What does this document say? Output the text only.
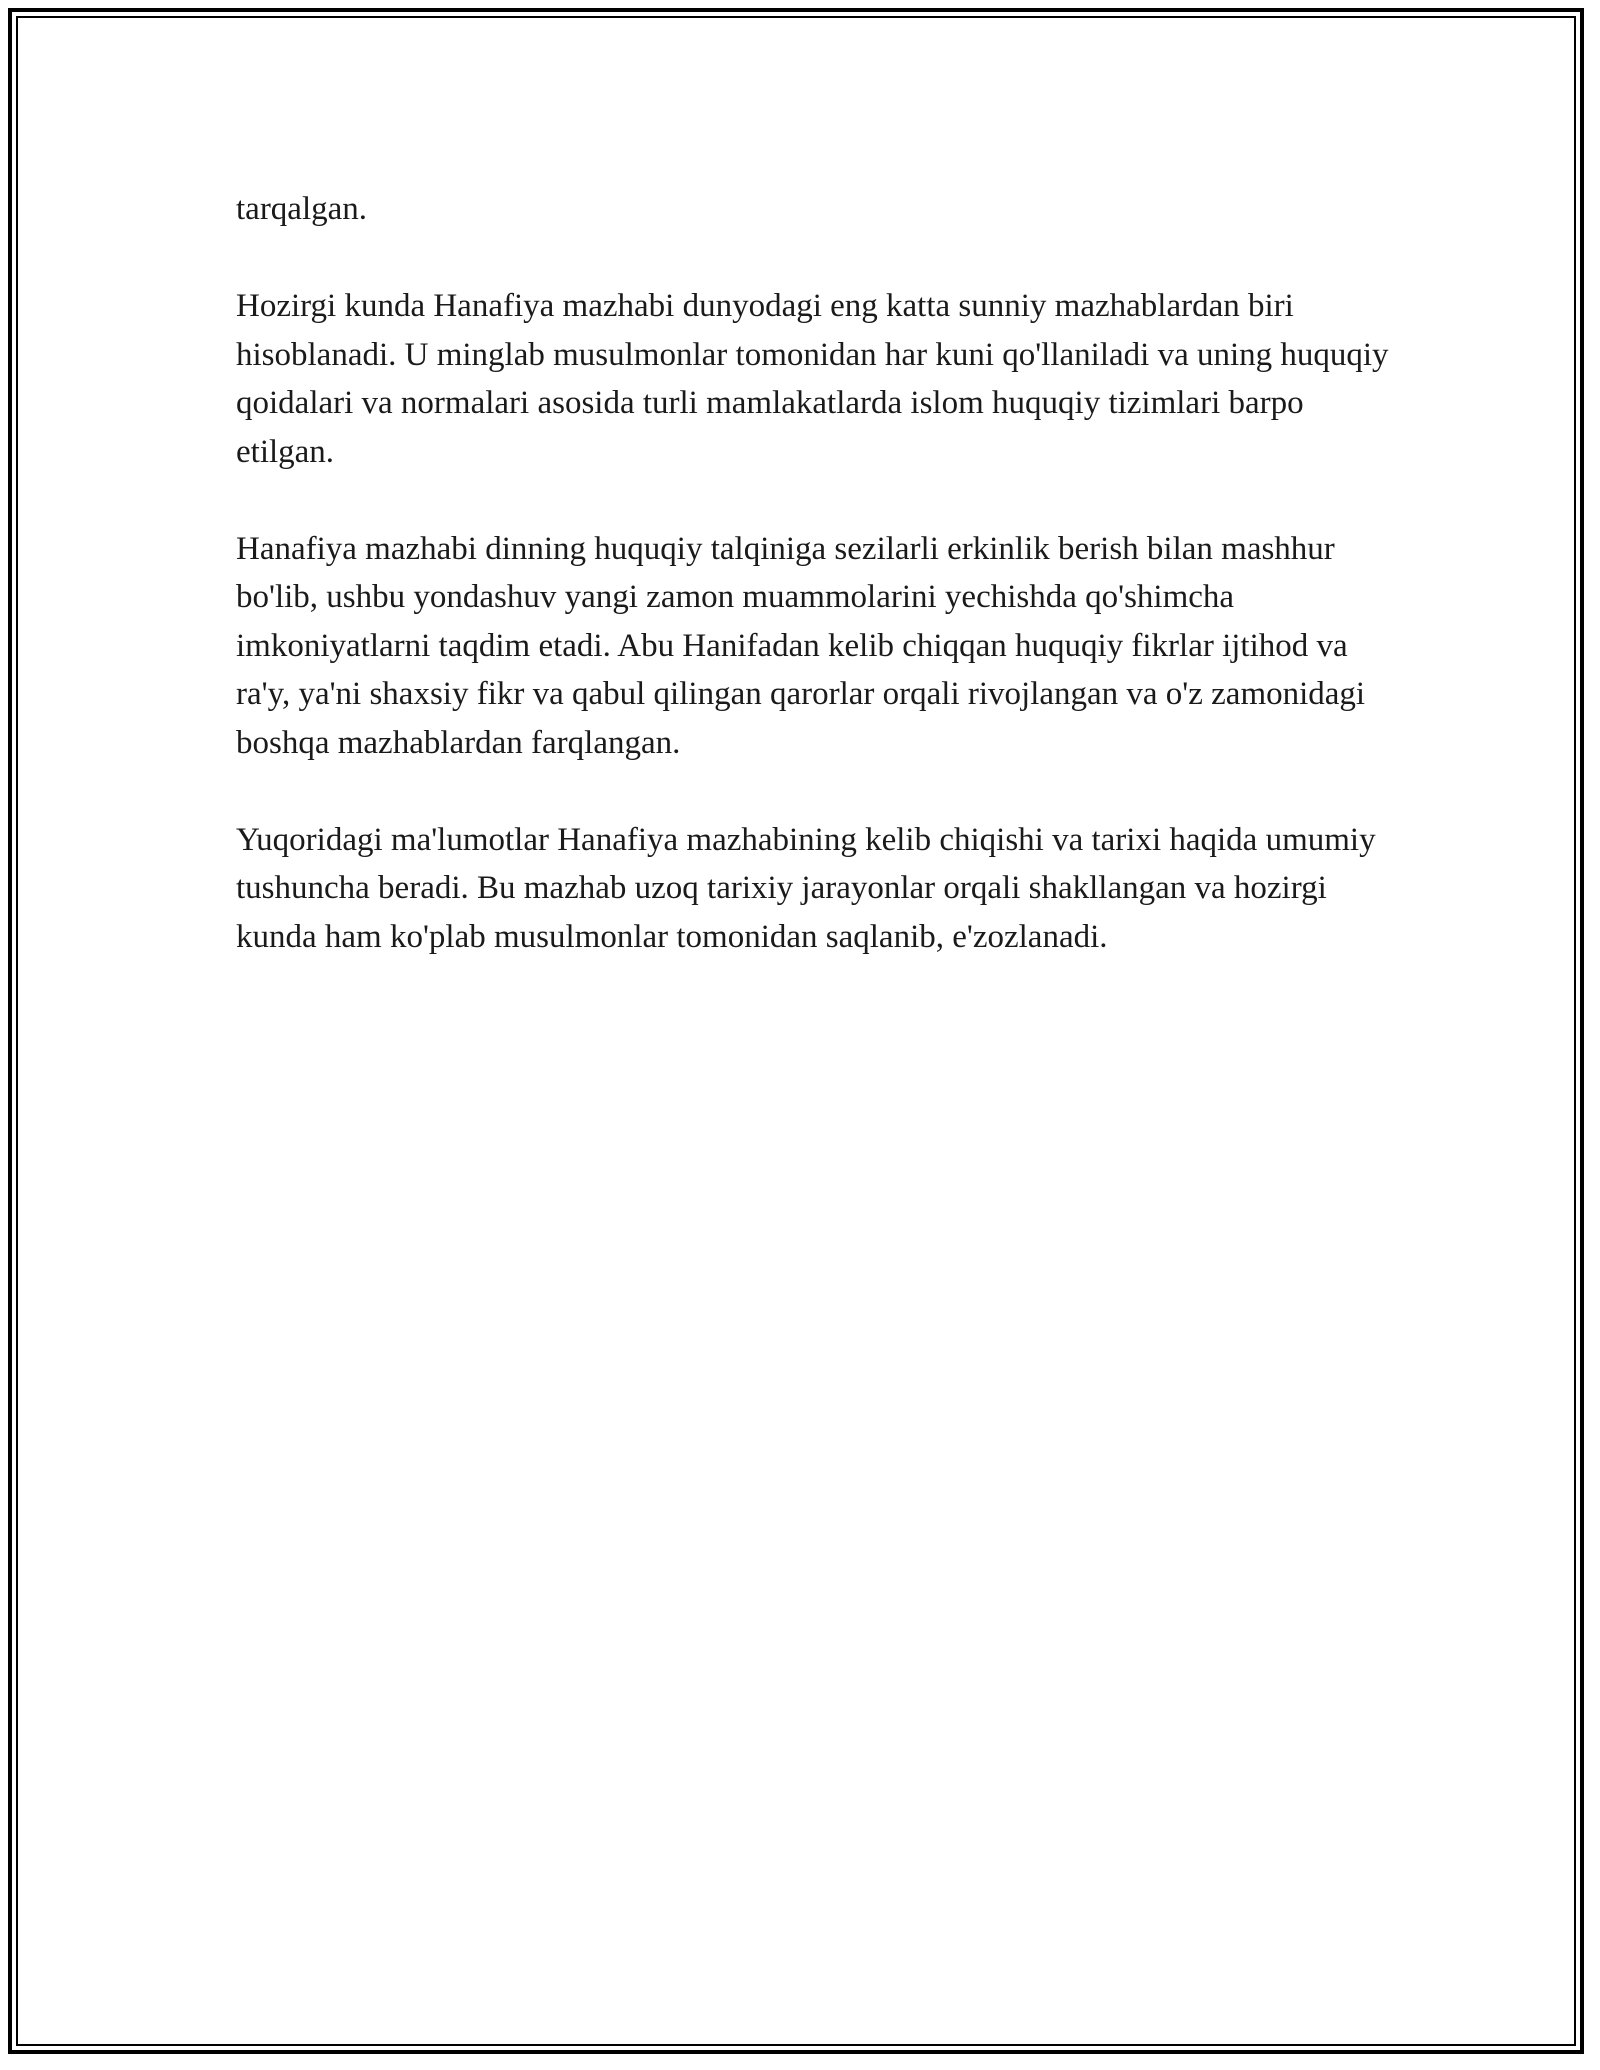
tarqalgan.

Hozirgi kunda Hanafiya mazhabi dunyodagi eng katta sunniy mazhablardan biri hisoblanadi. U minglab musulmonlar tomonidan har kuni qo'llaniladi va uning huquqiy qoidalari va normalari asosida turli mamlakatlarda islom huquqiy tizimlari barpo etilgan.

Hanafiya mazhabi dinning huquqiy talqiniga sezilarli erkinlik berish bilan mashhur bo'lib, ushbu yondashuv yangi zamon muammolarini yechishda qo'shimcha imkoniyatlarni taqdim etadi. Abu Hanifadan kelib chiqqan huquqiy fikrlar ijtihod va ra'y, ya'ni shaxsiy fikr va qabul qilingan qarorlar orqali rivojlangan va o'z zamonidagi boshqa mazhablardan farqlangan.

Yuqoridagi ma'lumotlar Hanafiya mazhabining kelib chiqishi va tarixi haqida umumiy tushuncha beradi. Bu mazhab uzoq tarixiy jarayonlar orqali shakllangan va hozirgi kunda ham ko'plab musulmonlar tomonidan saqlanib, e'zozlanadi.
